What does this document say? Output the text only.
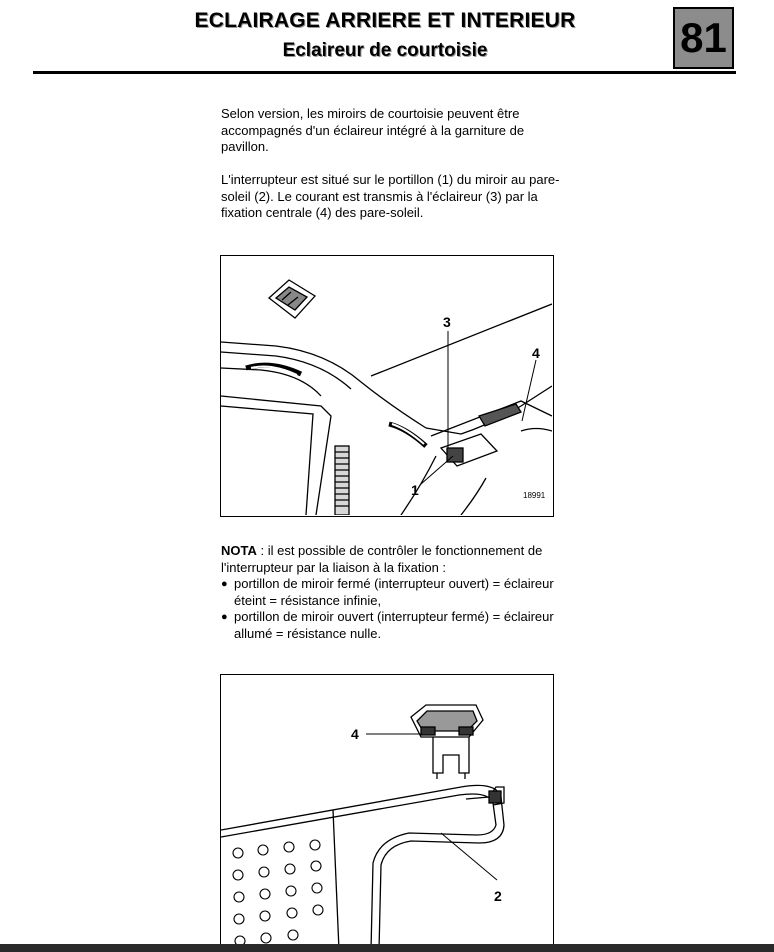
ECLAIRAGE ARRIERE ET INTERIEUR
Eclaireur de courtoisie	81

Selon version, les miroirs de courtoisie peuvent être accompagnés d'un éclaireur intégré à la garniture de pavillon.

L'interrupteur est situé sur le portillon (1) du miroir au pare-soleil (2). Le courant est transmis à l'éclaireur (3) par la fixation centrale (4) des pare-soleil.

3
4
1	18991
NOTA : il est possible de contrôler le fonctionnement de l'interrupteur par la liaison à la fixation :
● portillon de miroir fermé (interrupteur ouvert) = éclaireur éteint = résistance infinie,
● portillon de miroir ouvert (interrupteur fermé) = éclaireur allumé = résistance nulle.
4
2
